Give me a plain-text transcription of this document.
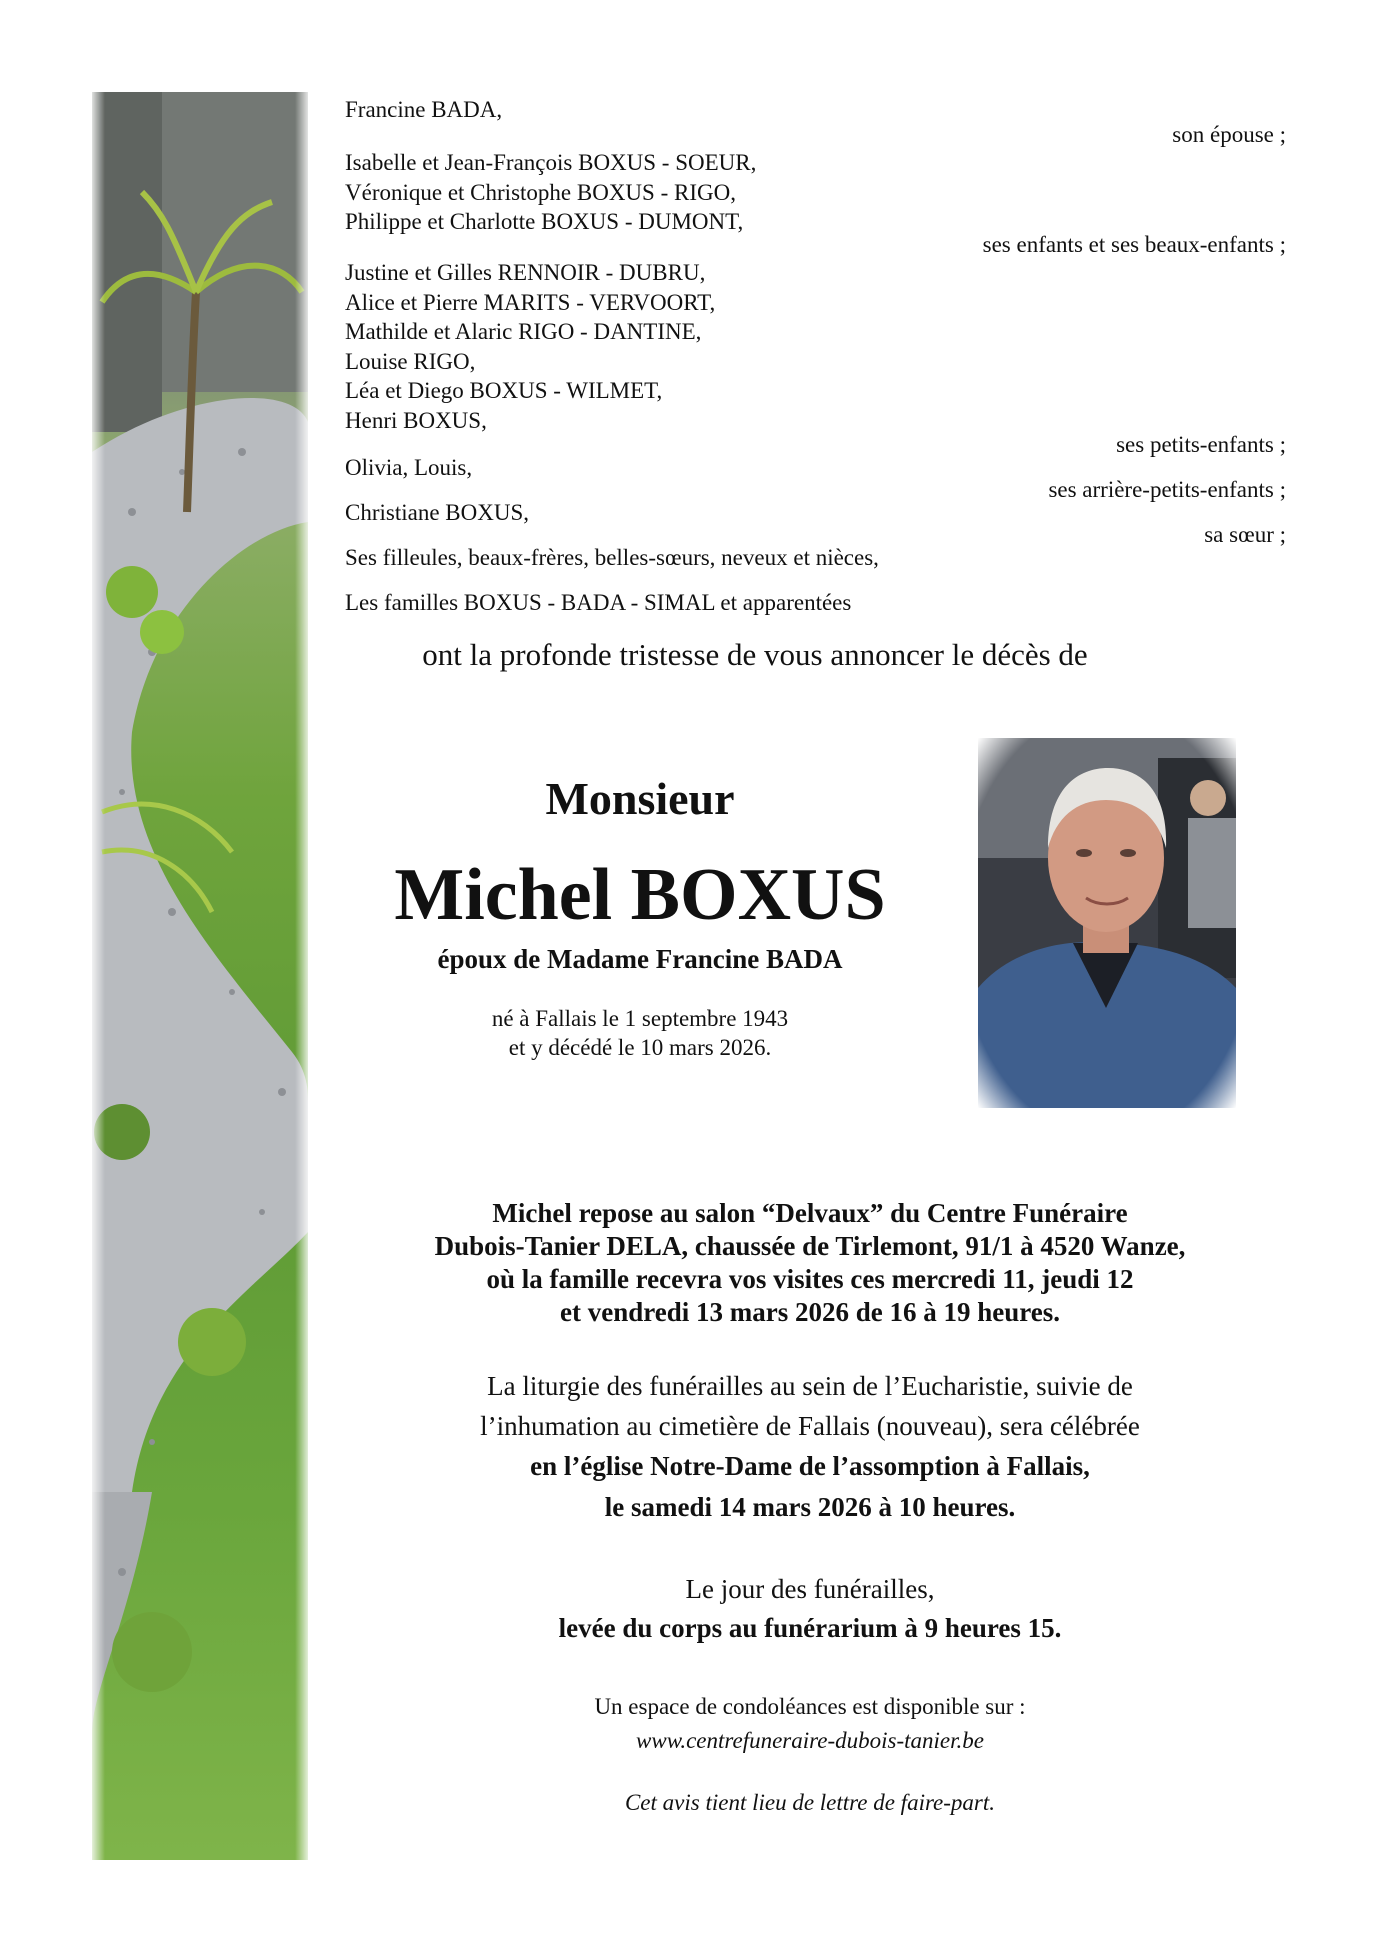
Francine BADA,
Isabelle et Jean-François BOXUS - SOEUR,
Véronique et Christophe BOXUS - RIGO,
Philippe et Charlotte BOXUS - DUMONT,
Justine et Gilles RENNOIR - DUBRU,
Alice et Pierre MARITS - VERVOORT,
Mathilde et Alaric RIGO - DANTINE,
Louise RIGO,
Léa et Diego BOXUS - WILMET,
Henri BOXUS,
Olivia, Louis,
Christiane BOXUS,
Ses filleules, beaux-frères, belles-sœurs, neveux et nièces,
Les familles BOXUS - BADA - SIMAL et apparentées
son épouse ;
ses enfants et ses beaux-enfants ;
ses petits-enfants ;
ses arrière-petits-enfants ;
sa sœur ;
ont la profonde tristesse de vous annoncer le décès de
Monsieur
Michel BOXUS
époux de Madame Francine BADA
né à Fallais le 1 septembre 1943
et y décédé le 10 mars 2026.
Michel repose au salon “Delvaux” du Centre Funéraire
Dubois-Tanier DELA, chaussée de Tirlemont, 91/1 à 4520 Wanze,
où la famille recevra vos visites ces mercredi 11, jeudi 12
et vendredi 13 mars 2026 de 16 à 19 heures.
La liturgie des funérailles au sein de l’Eucharistie, suivie de
l’inhumation au cimetière de Fallais (nouveau), sera célébrée
en l’église Notre-Dame de l’assomption à Fallais,
le samedi 14 mars 2026 à 10 heures.
Le jour des funérailles,
levée du corps au funérarium à 9 heures 15.
Un espace de condoléances est disponible sur :
www.centrefuneraire-dubois-tanier.be
Cet avis tient lieu de lettre de faire-part.
